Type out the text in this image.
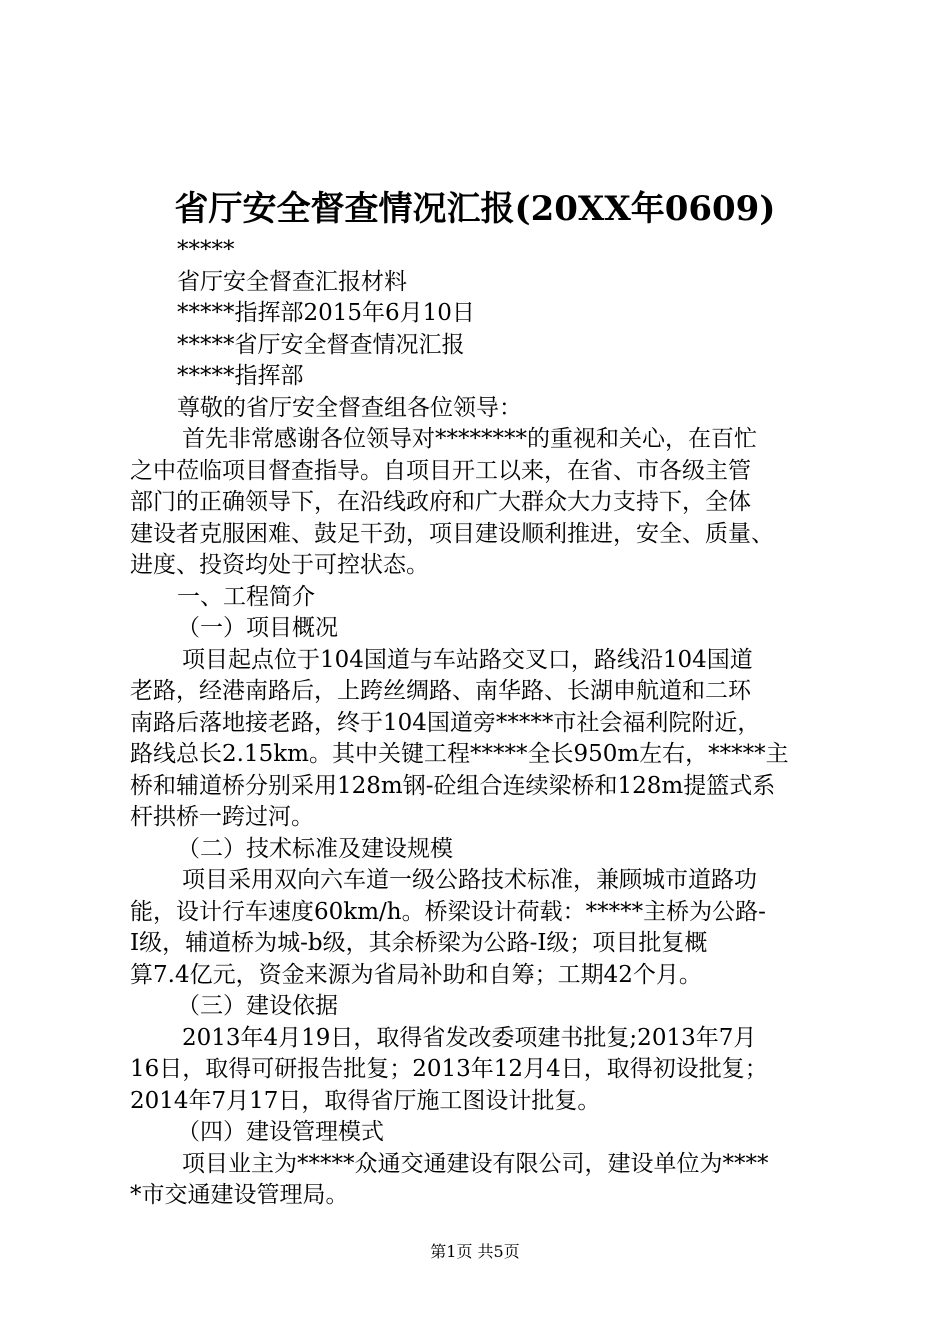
省厅安全督查情况汇报(20XX年0609)
*****
省厅安全督查汇报材料
*****指挥部2015年6月10日
*****省厅安全督查情况汇报
*****指挥部
尊敬的省厅安全督查组各位领导：
首先非常感谢各位领导对********的重视和关心，在百忙
之中莅临项目督查指导。自项目开工以来，在省、市各级主管
部门的正确领导下，在沿线政府和广大群众大力支持下，全体
建设者克服困难、鼓足干劲，项目建设顺利推进，安全、质量、
进度、投资均处于可控状态。
一、工程简介
（一）项目概况
项目起点位于104国道与车站路交叉口，路线沿104国道
老路，经港南路后，上跨丝绸路、南华路、长湖申航道和二环
南路后落地接老路，终于104国道旁*****市社会福利院附近，
路线总长2.15km。其中关键工程*****全长950m左右，*****主
桥和辅道桥分别采用128m钢-砼组合连续梁桥和128m提篮式系
杆拱桥一跨过河。
（二）技术标准及建设规模
项目采用双向六车道一级公路技术标准，兼顾城市道路功
能，设计行车速度60km/h。桥梁设计荷载：*****主桥为公路-
Ⅰ级，辅道桥为城-b级，其余桥梁为公路-Ⅰ级；项目批复概
算7.4亿元，资金来源为省局补助和自筹；工期42个月。
（三）建设依据
2013年4月19日，取得省发改委项建书批复;2013年7月
16日，取得可研报告批复；2013年12月4日，取得初设批复；
2014年7月17日，取得省厅施工图设计批复。
（四）建设管理模式
项目业主为*****众通交通建设有限公司，建设单位为****
*市交通建设管理局。
第1页 共5页
